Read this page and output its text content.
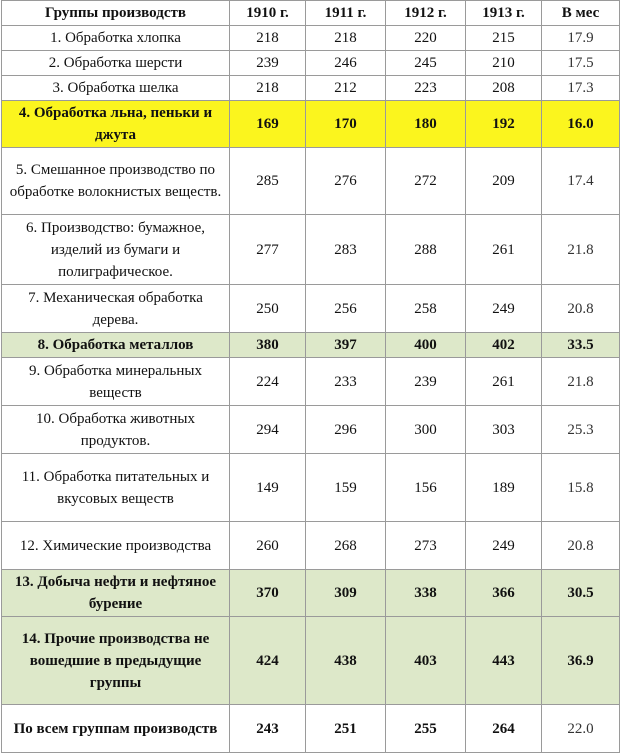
Группы производств	1910 г.	1911 г.	1912 г.	1913 г.	В мес
1. Обработка хлопка	218	218	220	215	17.9
2. Обработка шерсти	239	246	245	210	17.5
3. Обработка шелка	218	212	223	208	17.3
4. Обработка льна, пеньки и джута	169	170	180	192	16.0
5. Смешанное производство по обработке волокнистых веществ.	285	276	272	209	17.4
6. Производство: бумажное, изделий из бумаги и полиграфическое.	277	283	288	261	21.8
7. Механическая обработка дерева.	250	256	258	249	20.8
8. Обработка металлов	380	397	400	402	33.5
9. Обработка минеральных веществ	224	233	239	261	21.8
10. Обработка животных продуктов.	294	296	300	303	25.3
11. Обработка питательных и вкусовых веществ	149	159	156	189	15.8
12. Химические производства	260	268	273	249	20.8
13. Добыча нефти и нефтяное бурение	370	309	338	366	30.5
14. Прочие производства не вошедшие в предыдущие группы	424	438	403	443	36.9
По всем группам производств	243	251	255	264	22.0
